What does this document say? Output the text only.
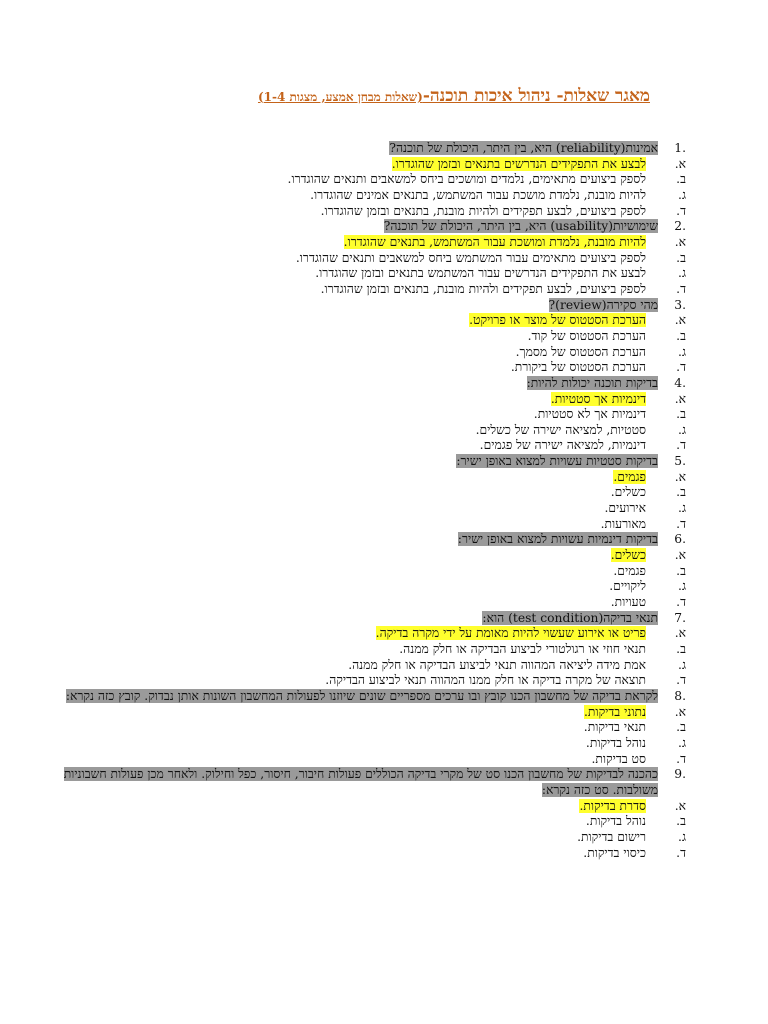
מאגר שאלות- ניהול איכות תוכנה-(שאלות מבחן אמצע, מצגות 1-4)
1.
אמינות(reliability) היא, בין היתר, היכולת של תוכנה?
א.
לבצע את התפקידים הנדרשים בתנאים ובזמן שהוגדרו.
ב.
לספק ביצועים מתאימים, נלמדים ומושכים ביחס למשאבים ותנאים שהוגדרו.
ג.
להיות מובנת, נלמדת מושכת עבור המשתמש, בתנאים אמינים שהוגדרו.
ד.
לספק ביצועים, לבצע תפקידים ולהיות מובנת, בתנאים ובזמן שהוגדרו.
2.
שימושיות(usability) היא, בין היתר, היכולת של תוכנה?
א.
להיות מובנת, נלמדת ומושכת עבור המשתמש, בתנאים שהוגדרו.
ב.
לספק ביצועים מתאימים עבור המשתמש ביחס למשאבים ותנאים שהוגדרו.
ג.
לבצע את התפקידים הנדרשים עבור המשתמש בתנאים ובזמן שהוגדרו.
ד.
לספק ביצועים, לבצע תפקידים ולהיות מובנת, בתנאים ובזמן שהוגדרו.
3.
מהי סקירה(review)?
א.
הערכת הסטטוס של מוצר או פרויקט.
ב.
הערכת הסטטוס של קוד.
ג.
הערכת הסטטוס של מסמך.
ד.
הערכת הסטטוס של ביקורת.
4.
בדיקות תוכנה יכולות להיות:
א.
דינמיות אך סטטיות.
ב.
דינמיות אך לא סטטיות.
ג.
סטטיות, למציאה ישירה של כשלים.
ד.
דינמיות, למציאה ישירה של פגמים.
5.
בדיקות סטטיות עשויות למצוא באופן ישיר:
א.
פגמים.
ב.
כשלים.
ג.
אירועים.
ד.
מאורעות.
6.
בדיקות דינמיות עשויות למצוא באופן ישיר:
א.
כשלים.
ב.
פגמים.
ג.
ליקויים.
ד.
טעויות.
7.
תנאי בדיקה(test condition) הוא:
א.
פריט או אירוע שעשוי להיות מאומת על ידי מקרה בדיקה.
ב.
תנאי חוזי או רגולטורי לביצוע הבדיקה או חלק ממנה.
ג.
אמת מידה ליציאה המהווה תנאי לביצוע הבדיקה או חלק ממנה.
ד.
תוצאה של מקרה בדיקה או חלק ממנו המהווה תנאי לביצוע הבדיקה.
8.
לקראת בדיקה של מחשבון הכנו קובץ ובו ערכים מספריים שונים שיוזנו לפעולות המחשבון השונות אותן נבדוק. קובץ כזה נקרא:
א.
נתוני בדיקות.
ב.
תנאי בדיקות.
ג.
נוהל בדיקות.
ד.
סט בדיקות.
9.
כהכנה לבדיקות של מחשבון הכנו סט של מקרי בדיקה הכוללים פעולות חיבור, חיסור, כפל וחילוק. ולאחר מכן פעולות חשבוניות משולבות. סט כזה נקרא:
א.
סדרת בדיקות.
ב.
נוהל בדיקות.
ג.
רישום בדיקות.
ד.
כיסוי בדיקות.
